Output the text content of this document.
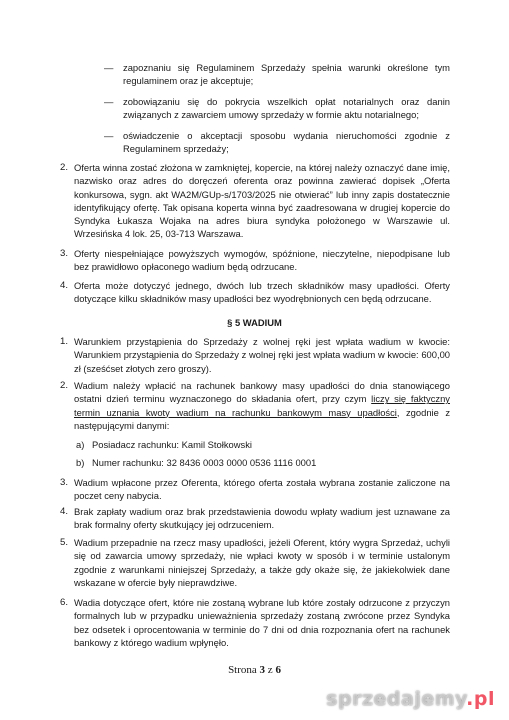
—	zapoznaniu się Regulaminem Sprzedaży spełnia warunki określone tym regulaminem oraz je akceptuje;
—	zobowiązaniu się do pokrycia wszelkich opłat notarialnych oraz danin związanych z zawarciem umowy sprzedaży w formie aktu notarialnego;
—	oświadczenie o akceptacji sposobu wydania nieruchomości zgodnie z Regulaminem sprzedaży;
2. Oferta winna zostać złożona w zamkniętej, kopercie, na której należy oznaczyć dane imię, nazwisko oraz adres do doręczeń oferenta oraz powinna zawierać dopisek „Oferta konkursowa, sygn. akt WA2M/GUp-s/1703/2025 nie otwierać” lub inny zapis dostatecznie identyfikujący ofertę. Tak opisana koperta winna być zaadresowana w drugiej kopercie do Syndyka Łukasza Wojaka na adres biura syndyka położonego w Warszawie ul. Wrzesińska 4 lok. 25, 03-713 Warszawa.
3. Oferty niespełniające powyższych wymogów, spóźnione, nieczytelne, niepodpisane lub bez prawidłowo opłaconego wadium będą odrzucane.
4. Oferta może dotyczyć jednego, dwóch lub trzech składników masy upadłości. Oferty dotyczące kilku składników masy upadłości bez wyodrębnionych cen będą odrzucane.
§ 5 WADIUM
1. Warunkiem przystąpienia do Sprzedaży z wolnej ręki jest wpłata wadium w kwocie: Warunkiem przystąpienia do Sprzedaży z wolnej ręki jest wpłata wadium w kwocie: 600,00 zł (sześćset złotych zero groszy).
2. Wadium należy wpłacić na rachunek bankowy masy upadłości do dnia stanowiącego ostatni dzień terminu wyznaczonego do składania ofert, przy czym liczy się faktyczny termin uznania kwoty wadium na rachunku bankowym masy upadłości, zgodnie z następującymi danymi:
a) Posiadacz rachunku: Kamil Stołkowski
b) Numer rachunku: 32 8436 0003 0000 0536 1116 0001
3. Wadium wpłacone przez Oferenta, którego oferta została wybrana zostanie zaliczone na poczet ceny nabycia.
4. Brak zapłaty wadium oraz brak przedstawienia dowodu wpłaty wadium jest uznawane za brak formalny oferty skutkujący jej odrzuceniem.
5. Wadium przepadnie na rzecz masy upadłości, jeżeli Oferent, który wygra Sprzedaż, uchyli się od zawarcia umowy sprzedaży, nie wpłaci kwoty w sposób i w terminie ustalonym zgodnie z warunkami niniejszej Sprzedaży, a także gdy okaże się, że jakiekolwiek dane wskazane w ofercie były nieprawdziwe.
6. Wadia dotyczące ofert, które nie zostaną wybrane lub które zostały odrzucone z przyczyn formalnych lub w przypadku unieważnienia sprzedaży zostaną zwrócone przez Syndyka bez odsetek i oprocentowania w terminie do 7 dni od dnia rozpoznania ofert na rachunek bankowy z którego wadium wpłynęło.
Strona 3 z 6
sprzedajemy.pl
